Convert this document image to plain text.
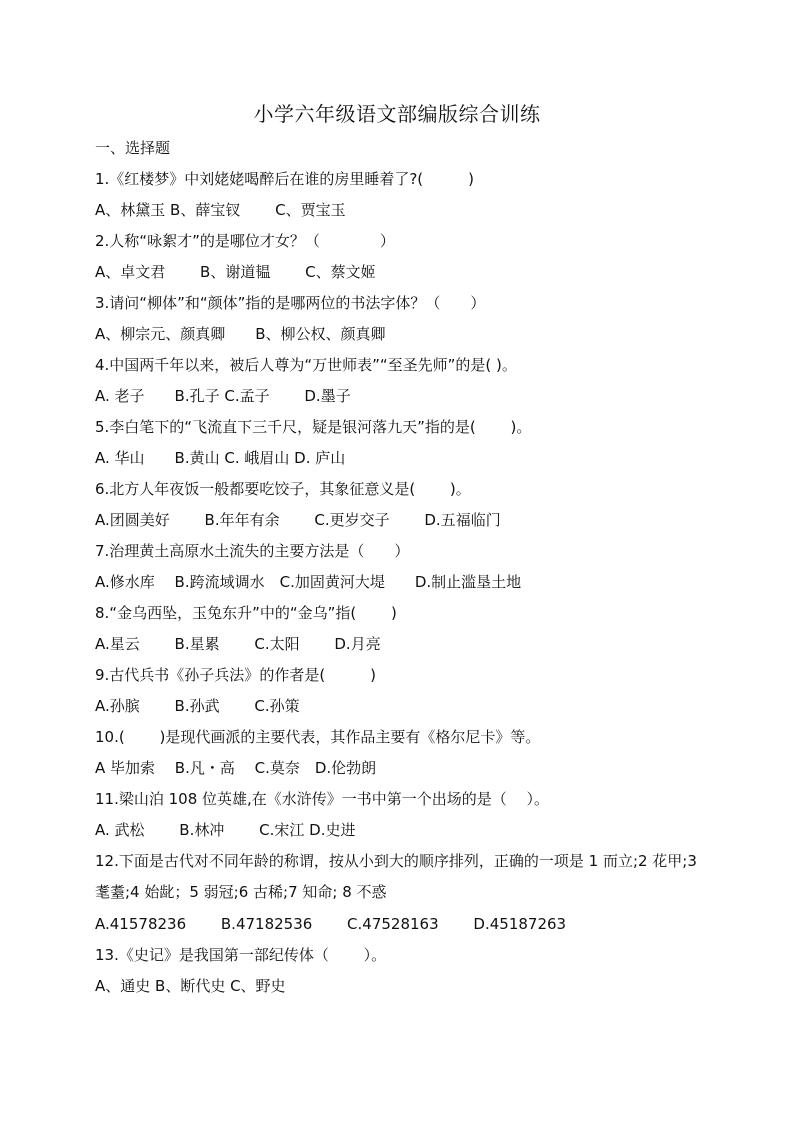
小学六年级语文部编版综合训练
一、选择题
1.《红楼梦》中刘姥姥喝醉后在谁的房里睡着了?(　　　)
A、林黛玉 B、薛宝钗　　 C、贾宝玉
2.人称“咏絮才”的是哪位才女？（　　　　）
A、卓文君　　 B、谢道韫　　 C、蔡文姬
3.请问“柳体”和“颜体”指的是哪两位的书法字体？（　　）
A、柳宗元、颜真卿　　B、柳公权、颜真卿
4.中国两千年以来，被后人尊为“万世师表”“至圣先师”的是( )。
A. 老子　　B.孔子 C.孟子　　 D.墨子
5.李白笔下的“飞流直下三千尺，疑是银河落九天”指的是(　　 )。
A. 华山　　B.黄山 C. 峨眉山 D. 庐山
6.北方人年夜饭一般都要吃饺子，其象征意义是(　　 )。
A.团圆美好　　 B.年年有余　　 C.更岁交子　　 D.五福临门
7.治理黄土高原水土流失的主要方法是（　　）
A.修水库　 B.跨流域调水　C.加固黄河大堤　　D.制止滥垦土地
8.“金乌西坠，玉兔东升”中的“金乌”指(　　 )
A.星云　　 B.星累　　 C.太阳　　 D.月亮
9.古代兵书《孙子兵法》的作者是(　　　)
A.孙膑　　 B.孙武　　 C.孙策
10.(　　 )是现代画派的主要代表，其作品主要有《格尔尼卡》等。
A 毕加索　 B.凡・高　 C.莫奈　D.伦勃朗
11.梁山泊 108 位英雄,在《水浒传》一书中第一个出场的是（　 ）。
A. 武松　　 B.林冲　　 C.宋江 D.史进
12.下面是古代对不同年龄的称谓，按从小到大的顺序排列，正确的一项是 1 而立;2 花甲;3 耄耋;4 始龀；5 弱冠;6 古稀;7 知命; 8 不惑
A.41578236　　 B.47182536　　 C.47528163　　 D.45187263
13.《史记》是我国第一部纪传体（　　 ）。
A、通史 B、断代史 C、野史
